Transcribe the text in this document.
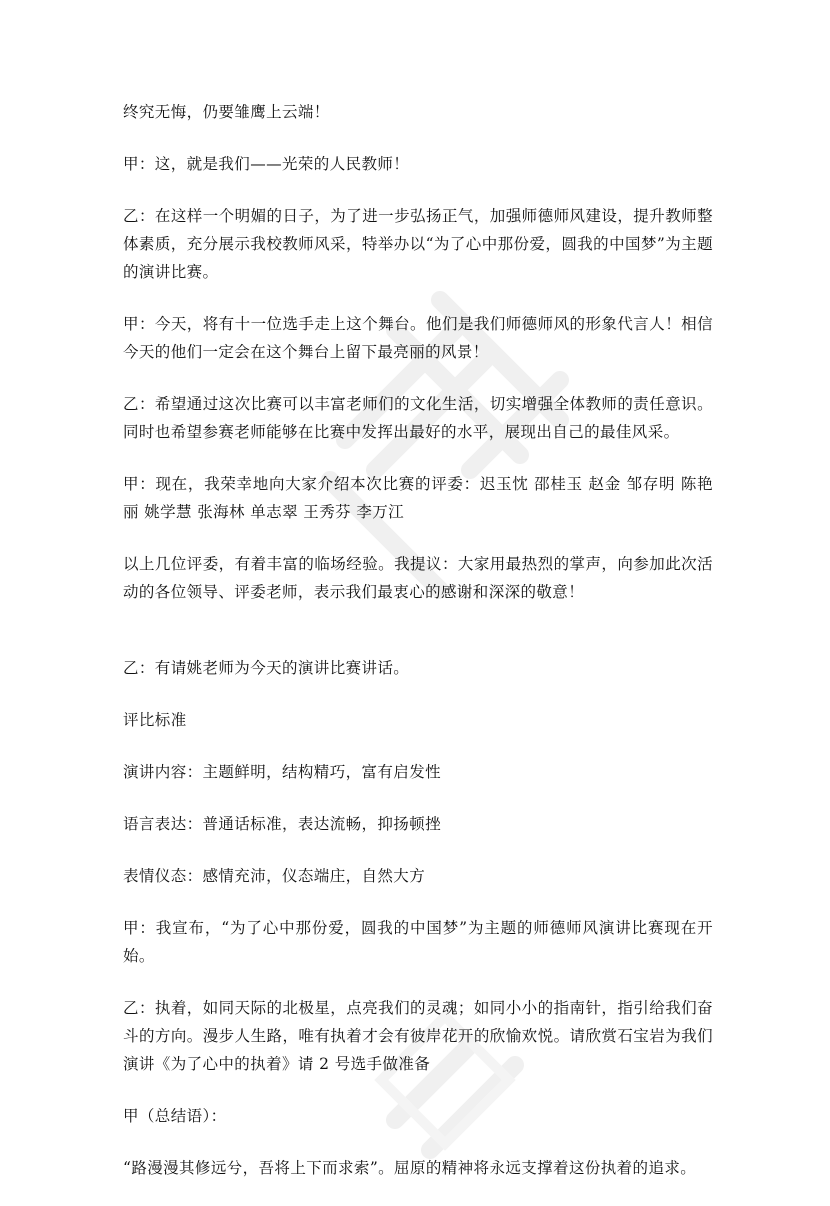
终究无悔，仍要雏鹰上云端！

甲：这，就是我们——光荣的人民教师！

乙：在这样一个明媚的日子，为了进一步弘扬正气，加强师德师风建设，提升教师整体素质，充分展示我校教师风采，特举办以“为了心中那份爱，圆我的中国梦”为主题的演讲比赛。

甲：今天，将有十一位选手走上这个舞台。他们是我们师德师风的形象代言人！相信今天的他们一定会在这个舞台上留下最亮丽的风景！

乙：希望通过这次比赛可以丰富老师们的文化生活，切实增强全体教师的责任意识。同时也希望参赛老师能够在比赛中发挥出最好的水平，展现出自己的最佳风采。

甲：现在，我荣幸地向大家介绍本次比赛的评委：迟玉忱 邵桂玉 赵金 邹存明 陈艳丽 姚学慧 张海林 单志翠 王秀芬 李万江

以上几位评委，有着丰富的临场经验。我提议：大家用最热烈的掌声，向参加此次活动的各位领导、评委老师，表示我们最衷心的感谢和深深的敬意！

乙：有请姚老师为今天的演讲比赛讲话。

评比标准

演讲内容：主题鲜明，结构精巧，富有启发性

语言表达：普通话标准，表达流畅，抑扬顿挫

表情仪态：感情充沛，仪态端庄，自然大方

甲：我宣布，“为了心中那份爱，圆我的中国梦”为主题的师德师风演讲比赛现在开始。

乙：执着，如同天际的北极星，点亮我们的灵魂；如同小小的指南针，指引给我们奋斗的方向。漫步人生路，唯有执着才会有彼岸花开的欣愉欢悦。请欣赏石宝岩为我们演讲《为了心中的执着》请 2 号选手做准备

甲（总结语）：

“路漫漫其修远兮，吾将上下而求索”。屈原的精神将永远支撑着这份执着的追求。
